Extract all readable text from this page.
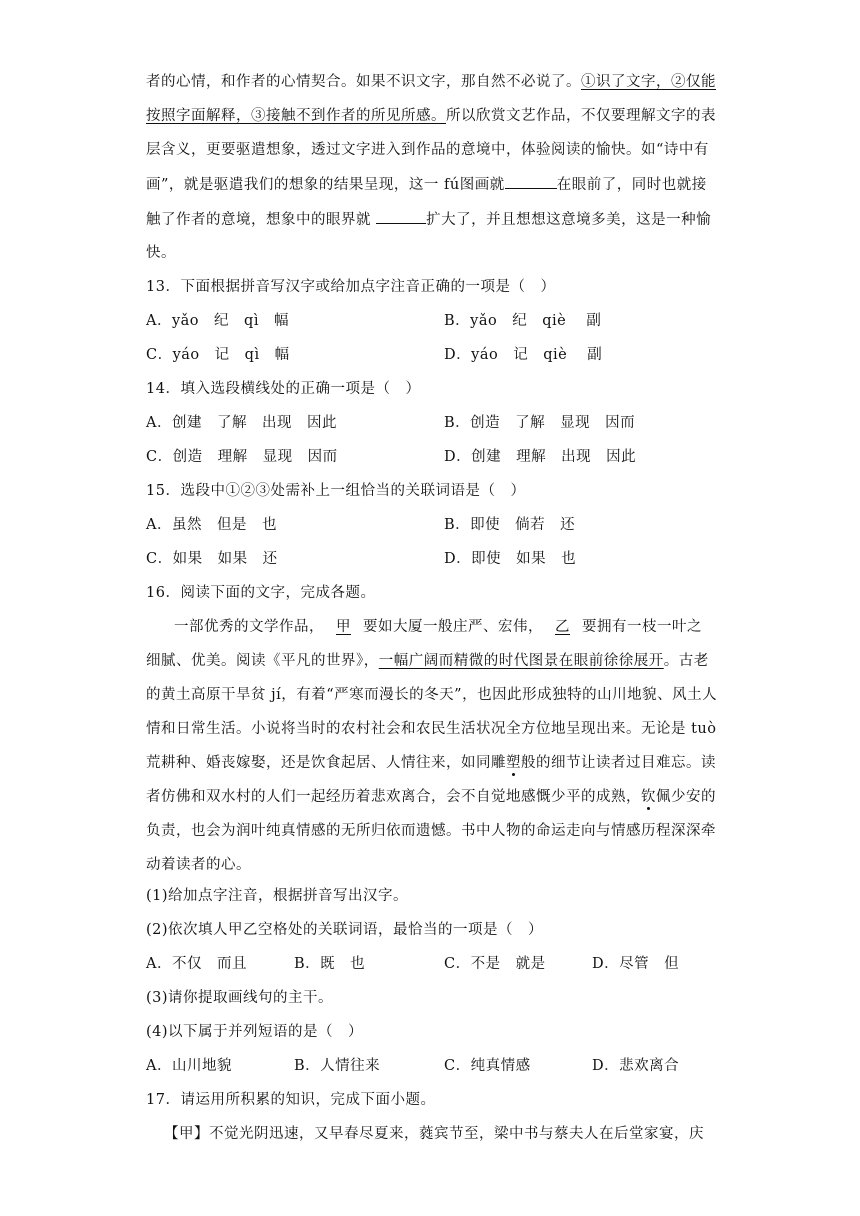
者的心情，和作者的心情契合。如果不识文字，那自然不必说了。①识了文字，②仅能
按照字面解释，③接触不到作者的所见所感。所以欣赏文艺作品，不仅要理解文字的表
层含义，更要驱遣想象，透过文字进入到作品的意境中，体验阅读的愉快。如“诗中有
画”，就是驱遣我们的想象的结果呈现，这一 fú图画就	在眼前了，同时也就接
触了作者的意境，想象中的眼界就	扩大了，并且想想这意境多美，这是一种愉
快。
13．下面根据拼音写汉字或给加点字注音正确的一项是（　）
A．yǎo　纪　qì　幅	B．yǎo　纪　qiè　 副
C．yáo　记　qì　幅	D．yáo　记　qiè　 副
14．填入选段横线处的正确一项是（　）
A．创建　了解　出现　因此	B．创造　了解　显现　因而
C．创造　理解　显现　因而	D．创建　理解　出现　因此
15．选段中①②③处需补上一组恰当的关联词语是（　）
A．虽然　但是　也	B．即使　倘若　还
C．如果　如果　还	D．即使　如果　也
16．阅读下面的文字，完成各题。
一部优秀的文学作品， 甲 要如大厦一般庄严、宏伟， 乙 要拥有一枝一叶之
细腻、优美。阅读《平凡的世界》，一幅广阔而精微的时代图景在眼前徐徐展开。古老
的黄土高原干旱贫 jí，有着“严寒而漫长的冬天”，也因此形成独特的山川地貌、风土人
情和日常生活。小说将当时的农村社会和农民生活状况全方位地呈现出来。无论是 tuò
荒耕种、婚丧嫁娶，还是饮食起居、人情往来，如同雕塑般的细节让读者过目难忘。读
者仿佛和双水村的人们一起经历着悲欢离合，会不自觉地感慨少平的成熟，钦佩少安的
负责，也会为润叶纯真情感的无所归依而遗憾。书中人物的命运走向与情感历程深深牵
动着读者的心。
(1)给加点字注音，根据拼音写出汉字。
(2)依次填人甲乙空格处的关联词语，最恰当的一项是（　）
A．不仅　而且	B．既　也	C．不是　就是	D．尽管　但
(3)请你提取画线句的主干。
(4)以下属于并列短语的是（　）
A．山川地貌	B．人情往来	C．纯真情感	D．悲欢离合
17．请运用所积累的知识，完成下面小题。
【甲】不觉光阴迅速，又早春尽夏来，蕤宾节至，梁中书与蔡夫人在后堂家宴，庆
